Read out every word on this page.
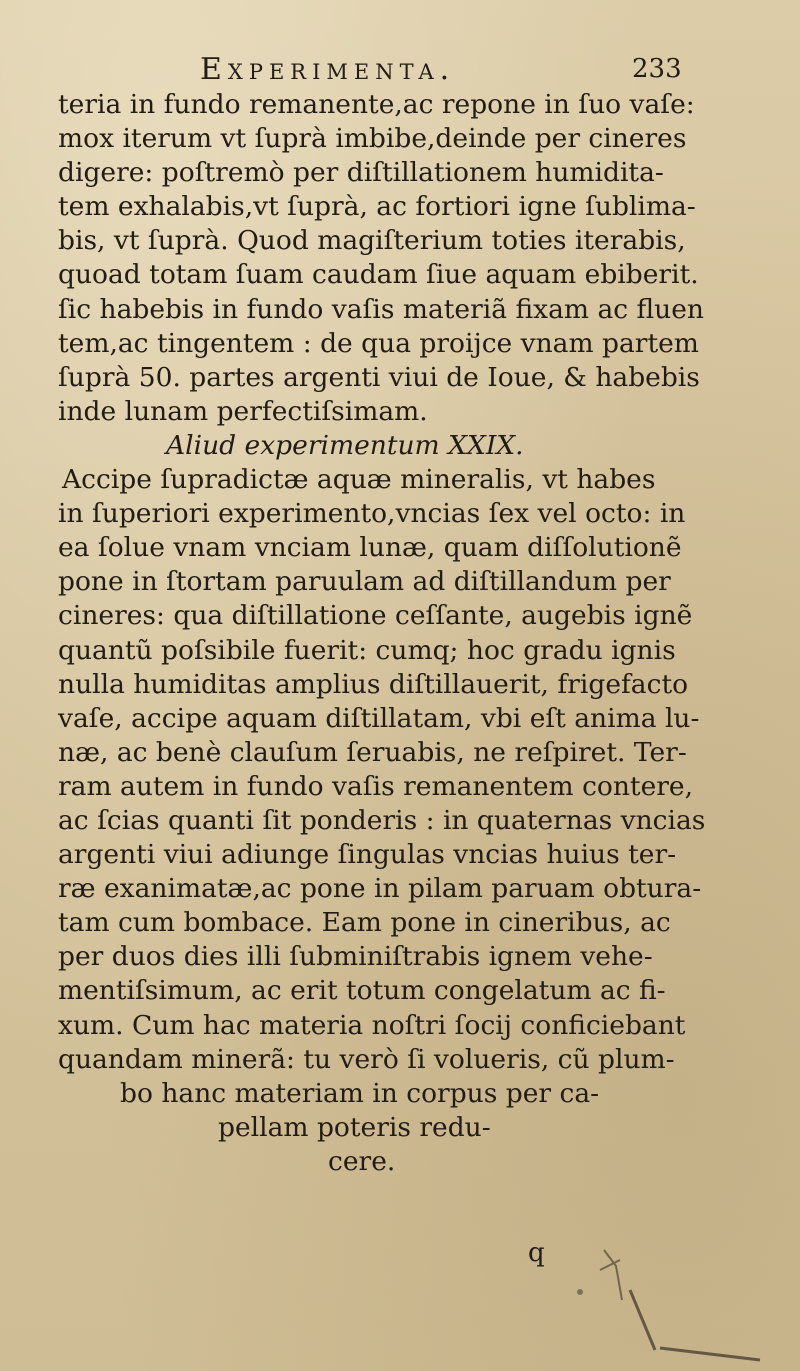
Experimenta.	233
teria in fundo remanente,ac repone in ſuo vaſe:
mox iterum vt ſuprà imbibe,deinde per cineres
digere: poſtremò per diſtillationem humidita-
tem exhalabis,vt ſuprà, ac fortiori igne ſublima-
bis, vt ſuprà. Quod magiſterium toties iterabis,
quoad totam ſuam caudam ſiue aquam ebiberit.
ſic habebis in fundo vaſis materiã fixam ac fluen
tem,ac tingentem : de qua proijce vnam partem
ſuprà 50. partes argenti viui de Ioue, & habebis
inde lunam perfectiſsimam.
Aliud experimentum XXIX.
Accipe ſupradictæ aquæ mineralis, vt habes
in ſuperiori experimento,vncias ſex vel octo: in
ea ſolue vnam vnciam lunæ, quam diſſolutionẽ
pone in ſtortam paruulam ad diſtillandum per
cineres: qua diſtillatione ceſſante, augebis ignẽ
quantũ poſsibile fuerit: cumq; hoc gradu ignis
nulla humiditas amplius diſtillauerit, frigefacto
vaſe, accipe aquam diſtillatam, vbi eſt anima lu-
næ, ac benè clauſum ſeruabis, ne reſpiret. Ter-
ram autem in fundo vaſis remanentem contere,
ac ſcias quanti ſit ponderis : in quaternas vncias
argenti viui adiunge ſingulas vncias huius ter-
ræ exanimatæ,ac pone in pilam paruam obtura-
tam cum bombace. Eam pone in cineribus, ac
per duos dies illi ſubminiſtrabis ignem vehe-
mentiſsimum, ac erit totum congelatum ac fi-
xum. Cum hac materia noſtri ſocij conficiebant
quandam minerã: tu verò ſi volueris, cũ plum-
bo hanc materiam in corpus per ca-
pellam poteris redu-
cere.
q
